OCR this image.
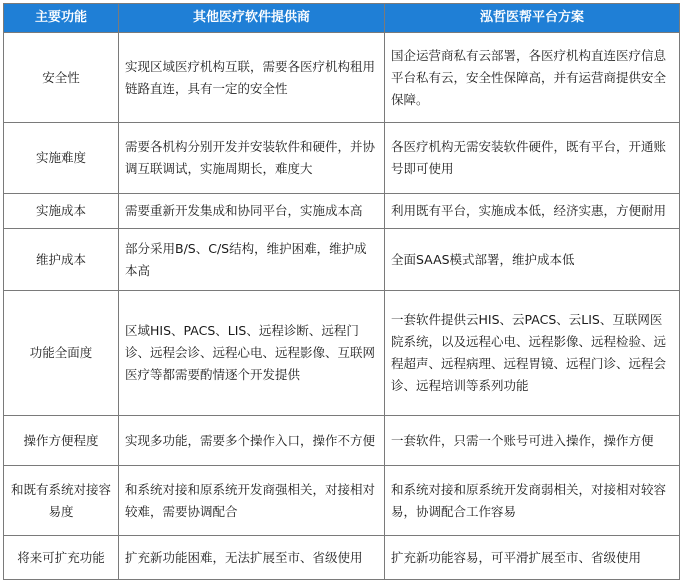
主要功能	其他医疗软件提供商	泓哲医帮平台方案
安全性	实现区域医疗机构互联，需要各医疗机构租用链路直连，具有一定的安全性	国企运营商私有云部署，各医疗机构直连医疗信息平台私有云，安全性保障高，并有运营商提供安全保障。
实施难度	需要各机构分别开发并安装软件和硬件，并协调互联调试，实施周期长，难度大	各医疗机构无需安装软件硬件，既有平台，开通账号即可使用
实施成本	需要重新开发集成和协同平台，实施成本高	利用既有平台，实施成本低，经济实惠，方便耐用
维护成本	部分采用B/S、C/S结构，维护困难，维护成本高	全面SAAS模式部署，维护成本低
功能全面度	区域HIS、PACS、LIS、远程诊断、远程门诊、远程会诊、远程心电、远程影像、互联网医疗等都需要酌情逐个开发提供	一套软件提供云HIS、云PACS、云LIS、互联网医院系统，以及远程心电、远程影像、远程检验、远程超声、远程病理、远程胃镜、远程门诊、远程会诊、远程培训等系列功能
操作方便程度	实现多功能，需要多个操作入口，操作不方便	一套软件，只需一个账号可进入操作，操作方便
和既有系统对接容易度	和系统对接和原系统开发商强相关，对接相对较难，需要协调配合	和系统对接和原系统开发商弱相关，对接相对较容易，协调配合工作容易
将来可扩充功能	扩充新功能困难，无法扩展至市、省级使用	扩充新功能容易，可平滑扩展至市、省级使用
